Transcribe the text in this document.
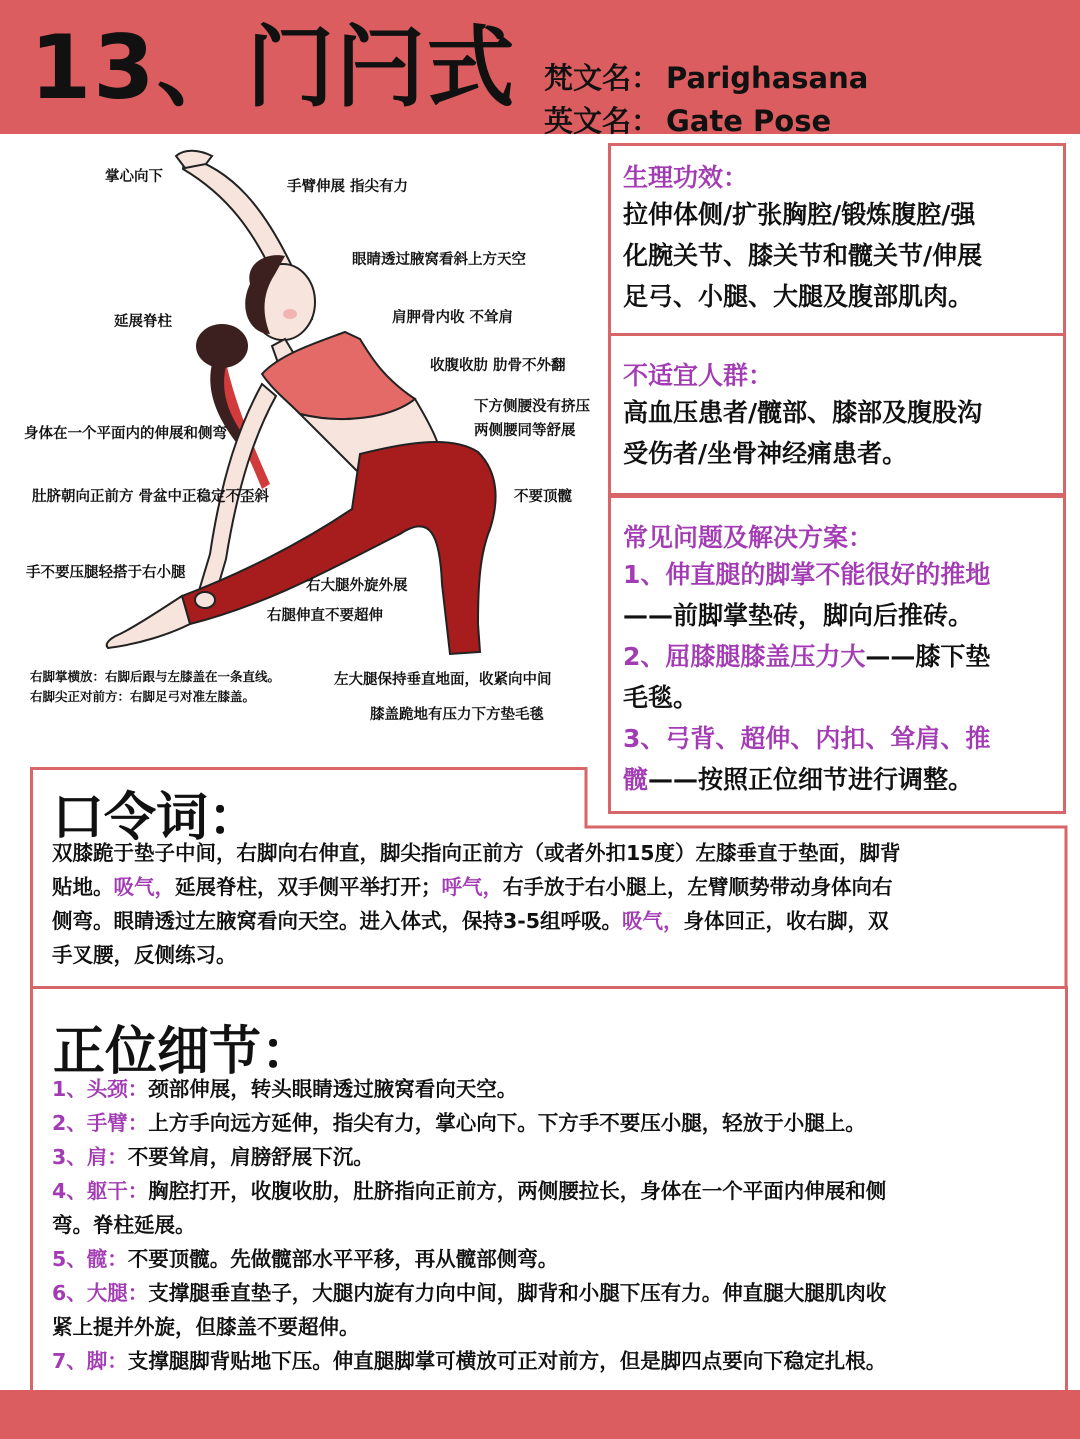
13、门闩式 梵文名： Parighasana
英文名： Gate Pose
掌心向下
手臂伸展 指尖有力
眼睛透过腋窝看斜上方天空
延展脊柱	肩胛骨内收 不耸肩
收腹收肋 肋骨不外翻
下方侧腰没有挤压
两侧腰同等舒展
身体在一个平面内的伸展和侧弯
肚脐朝向正前方 骨盆中正稳定不歪斜	不要顶髋
手不要压腿轻搭于右小腿
右大腿外旋外展
右腿伸直不要超伸
右脚掌横放：右脚后跟与左膝盖在一条直线。
右脚尖正对前方：右脚足弓对准左膝盖。
左大腿保持垂直地面，收紧向中间
膝盖跪地有压力下方垫毛毯
生理功效：
拉伸体侧/扩张胸腔/锻炼腹腔/强
化腕关节、膝关节和髋关节/伸展
足弓、小腿、大腿及腹部肌肉。
不适宜人群：
高血压患者/髋部、膝部及腹股沟
受伤者/坐骨神经痛患者。
常见问题及解决方案：
1、伸直腿的脚掌不能很好的推地
——前脚掌垫砖，脚向后推砖。
2、屈膝腿膝盖压力大——膝下垫
毛毯。
3、弓背、超伸、内扣、耸肩、推
髋——按照正位细节进行调整。
口令词：
双膝跪于垫子中间，右脚向右伸直，脚尖指向正前方（或者外扣15度）左膝垂直于垫面，脚背
贴地。吸气，延展脊柱，双手侧平举打开；呼气，右手放于右小腿上，左臂顺势带动身体向右
侧弯。眼睛透过左腋窝看向天空。进入体式，保持3-5组呼吸。吸气，身体回正，收右脚，双
手叉腰，反侧练习。
正位细节：
1、头颈：颈部伸展，转头眼睛透过腋窝看向天空。
2、手臂：上方手向远方延伸，指尖有力，掌心向下。下方手不要压小腿，轻放于小腿上。
3、肩：不要耸肩，肩膀舒展下沉。
4、躯干：胸腔打开，收腹收肋，肚脐指向正前方，两侧腰拉长，身体在一个平面内伸展和侧
弯。脊柱延展。
5、髋：不要顶髋。先做髋部水平平移，再从髋部侧弯。
6、大腿：支撑腿垂直垫子，大腿内旋有力向中间，脚背和小腿下压有力。伸直腿大腿肌肉收
紧上提并外旋，但膝盖不要超伸。
7、脚：支撑腿脚背贴地下压。伸直腿脚掌可横放可正对前方，但是脚四点要向下稳定扎根。
